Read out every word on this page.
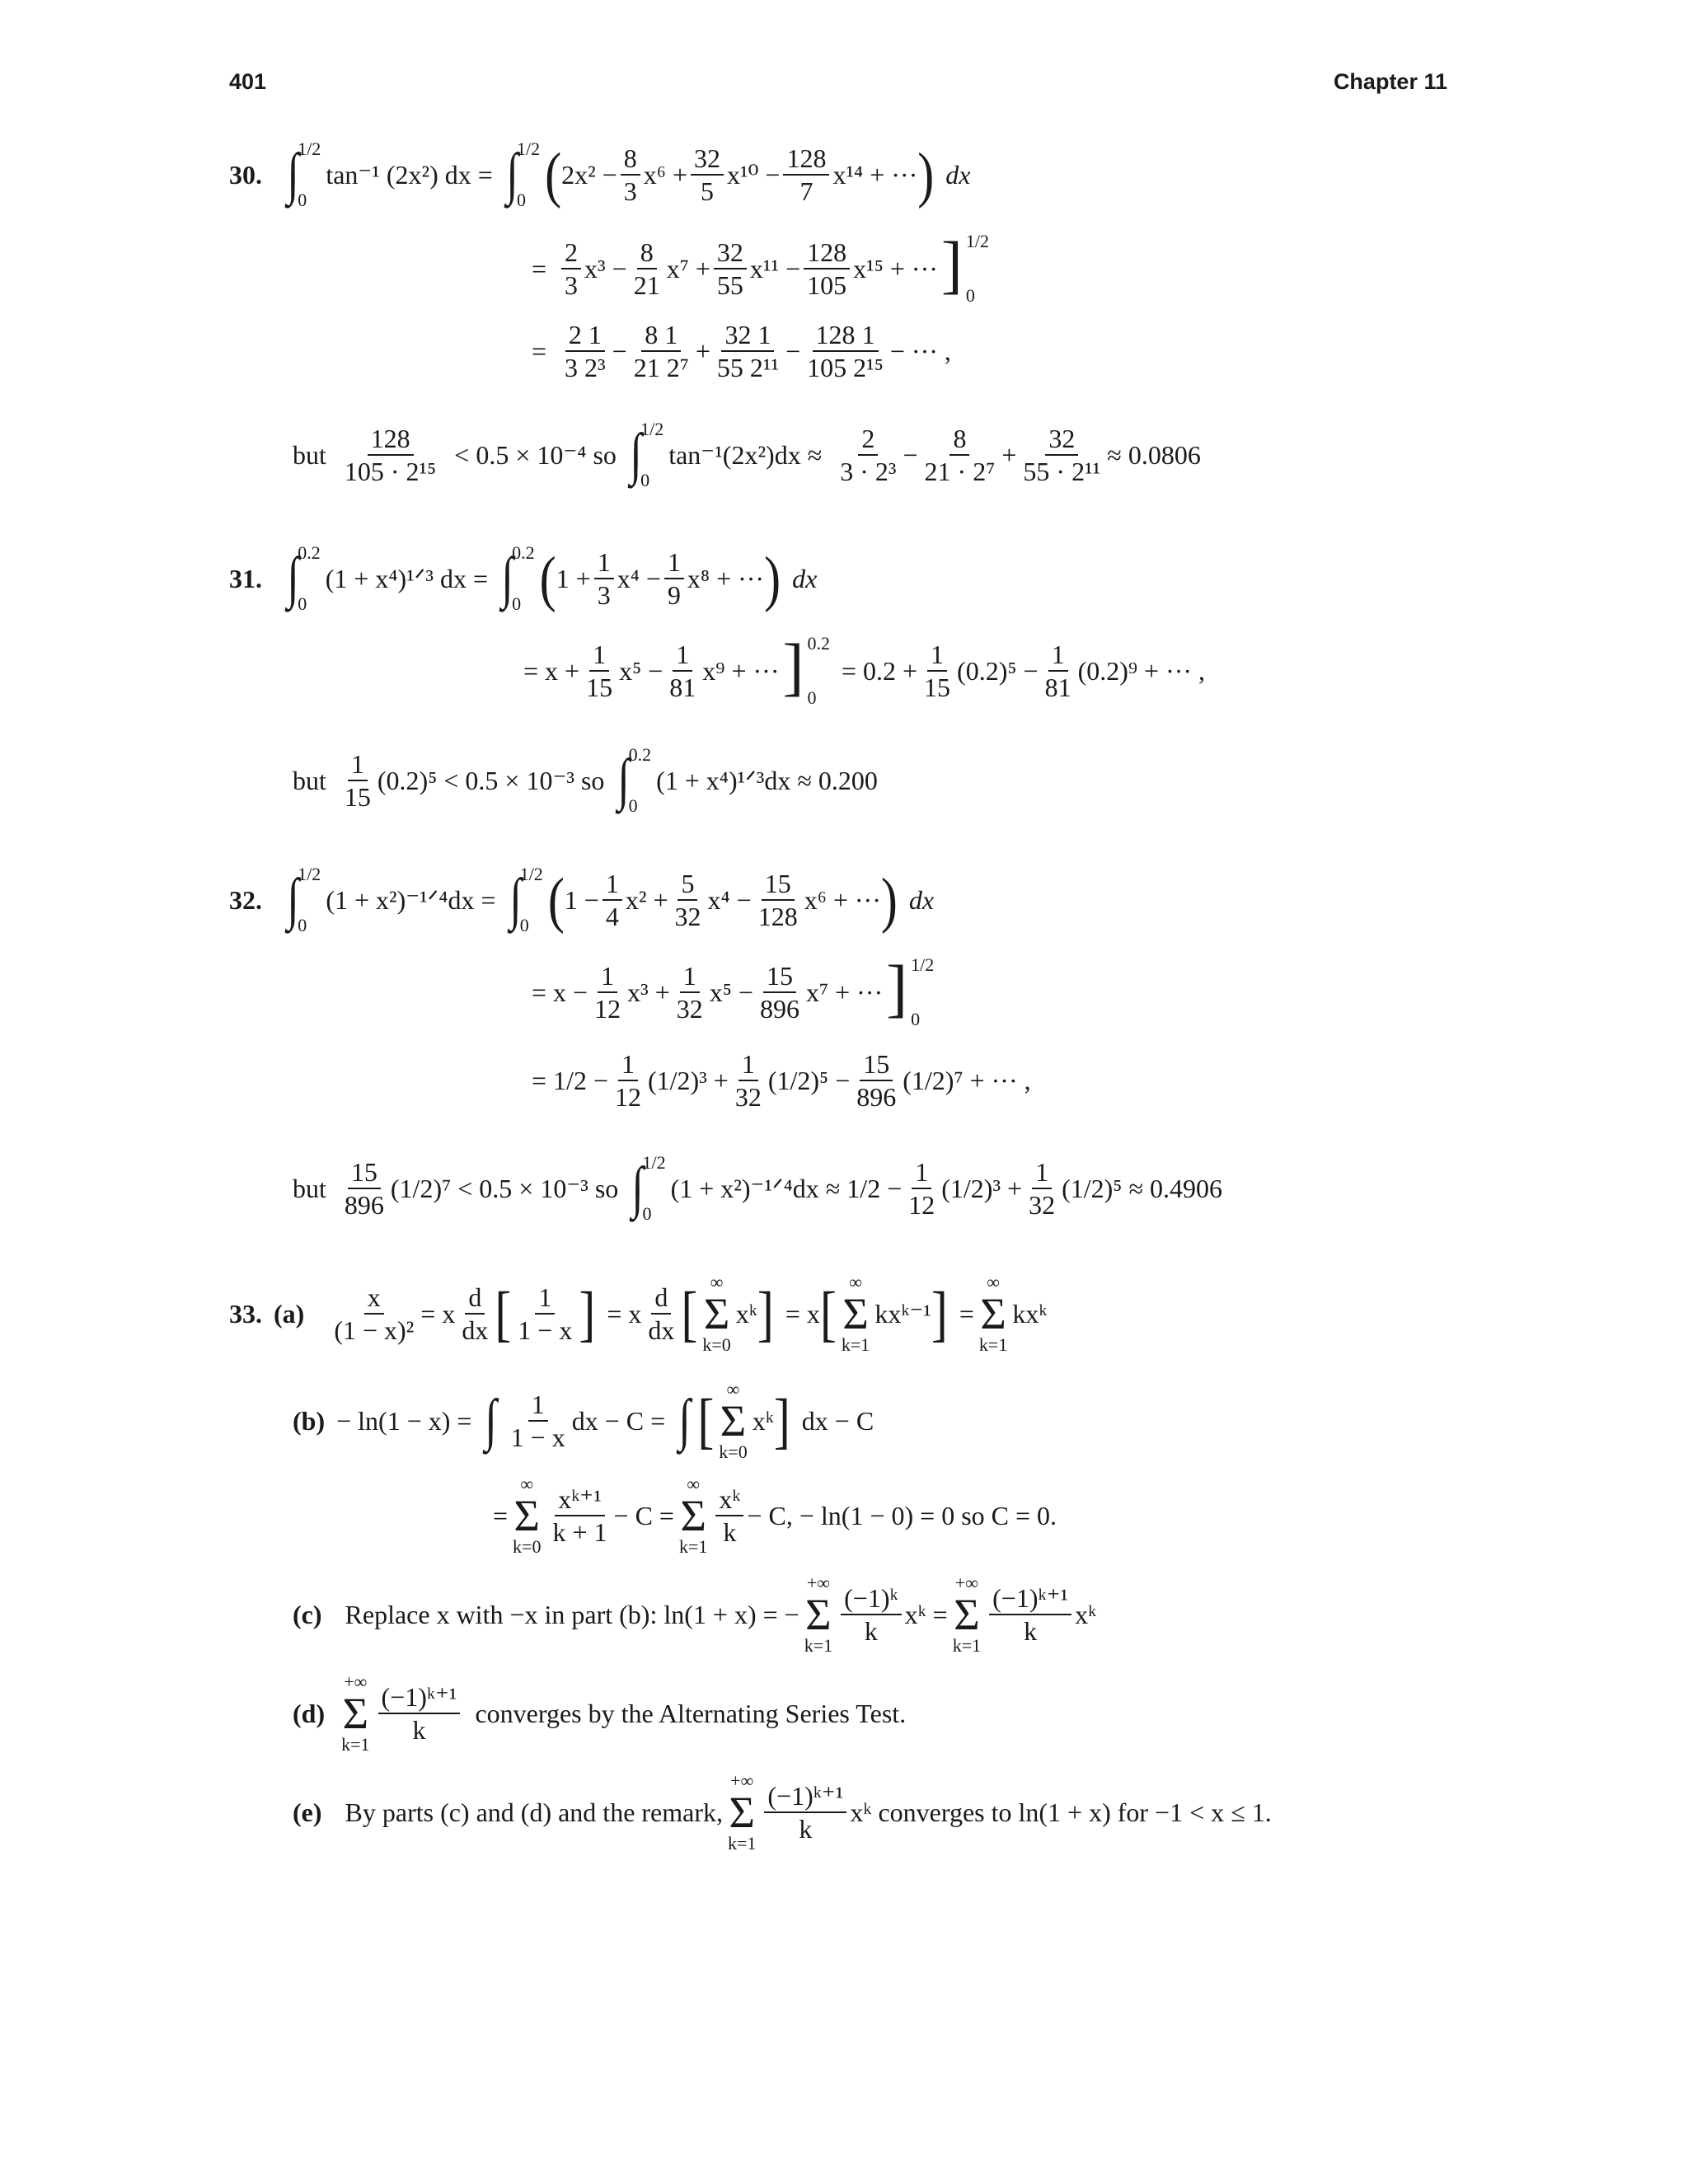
401	Chapter 11
30. ∫
1/2
0
tan⁻¹ (2x²) dx = ∫
1/2
0 ( $2x^2 - \frac{8}{3} x^6 + \frac{32}{5} x^{10} - \frac{128}{7} x^{14}$ + ··· ) dx
= $\frac{2}{3} x^3 - \frac{8}{21} x^7 + \frac{32}{55} x^{11} - \frac{128}{105} x^{15}$ + ··· ] 1/2
0
= $\frac{2 1}{\text{3 2³}} - \frac{8 1}{\text{21 2⁷}} + \frac{32 1}{\text{55 2¹¹}} - \frac{128 1}{\text{105 2¹⁵}}$ − ··· ,
but $\frac{128}{\text{105 · 2¹⁵}} < 0.5 \times 10^{-4}$ so ∫
1/2
0
$\tan^{-1}(2x^2)dx \approx \frac{2}{\text{3 · 2³}} - \frac{8}{\text{21 · 2⁷}} + \frac{32}{\text{55 · 2¹¹}} \approx 0.0806$
31. ∫
0.2
0
(1 + x⁴)¹ᐟ³ dx = ∫
0.2
0 ( $1 + \frac{1}{3} x^4 - \frac{1}{9} x^8$ + ··· ) dx
= $x + \frac{1}{15} x^5 - \frac{1}{81} x^9$ + ··· ] 0.2
0
= $0.2 + \frac{1}{15} (0.2)^5 - \frac{1}{81} (0.2)^9$ + ··· ,
but $\frac{1}{15} (0.2)^5 < 0.5 \times 10^{-3}$ so ∫
0.2
0
(1 + x⁴)¹ᐟ³dx ≈ 0.200
32. ∫
1/2
0
(1 + x²)⁻¹ᐟ⁴dx = ∫
1/2
0 ( $1 - \frac{1}{4} x^2 + \frac{5}{32} x^4 - \frac{15}{128} x^6$ + ··· ) dx
= $x - \frac{1}{12} x^3 + \frac{1}{32} x^5 - \frac{15}{896} x^7$ + ··· ] 1/2
0
= $1/2 - \frac{1}{12} (1/2)^3 + \frac{1}{32} (1/2)^5 - \frac{15}{896} (1/2)^7$ + ··· ,
but $\frac{15}{896} (1/2)^7 < 0.5 \times 10^{-3}$ so ∫
1/2
0
(1 + x²)⁻¹ᐟ⁴dx ≈ $1/2 - \frac{1}{12} (1/2)^3 + \frac{1}{32} (1/2)^5 \approx 0.4906$
33. $(a) \frac{x}{\text{(1 − x)²}} = x \frac{d}{dx}$ [ $\frac{1}{1 - x}$ ] = x $\frac{d}{dx}$ [ ∞
Σ
k=0
xᵏ ] = x [ ∞
Σ
k=1
kxᵏ⁻¹ ] =
∞
Σ
k=1
kxᵏ
(b) − ln(1 − x) = ∫ $\frac{1}{1 - x}$ dx − C = ∫ [ ∞
Σ
k=0
xᵏ ] dx − C
=
∞
Σ
k=0
$\frac{\text{xᵏ⁺¹}}{k + 1} - C$ =
∞
Σ
k=1
$\frac{\text{xᵏ}}{k} - C$, − ln(1 − 0) = 0 so C = 0.
(c) Replace x with −x in part (b): ln(1 + x) = −
+∞
Σ
k=1
$\frac{\text{(−1)ᵏ}}{k}$ xᵏ =
+∞
Σ
k=1
$\frac{\text{(−1)ᵏ⁺¹}}{k}$ xᵏ
(d)
+∞
Σ
k=1
$\frac{\text{(−1)ᵏ⁺¹}}{k}$ converges by the Alternating Series Test.
(e) By parts (c) and (d) and the remark,
+∞
Σ
k=1
$\frac{\text{(−1)ᵏ⁺¹}}{k}$ xᵏ converges to ln(1 + x) for −1 < x ≤ 1.
